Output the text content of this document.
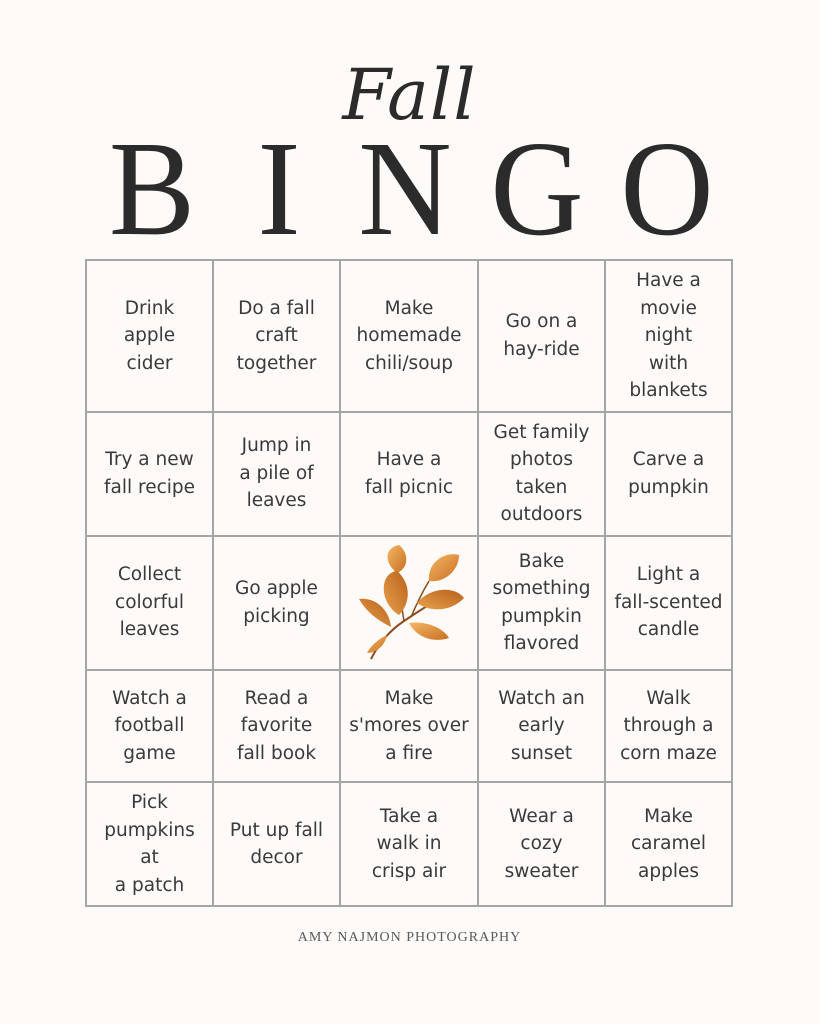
Fall
B I N G O
Drink
apple
cider
Do a fall
craft
together
Make
homemade
chili/soup
Go on a
hay-ride
Have a
movie night
with
blankets
Try a new
fall recipe
Jump in
a pile of
leaves
Have a
fall picnic
Get family
photos
taken
outdoors
Carve a
pumpkin
Collect
colorful
leaves
Go apple
picking
Bake
something
pumpkin
flavored
Light a
fall-scented
candle
Watch a
football
game
Read a
favorite
fall book
Make
s'mores over
a fire
Watch an
early sunset
Walk
through a
corn maze
Pick
pumpkins at
a patch
Put up fall
decor
Take a
walk in
crisp air
Wear a
cozy
sweater
Make
caramel
apples
AMY NAJMON PHOTOGRAPHY
